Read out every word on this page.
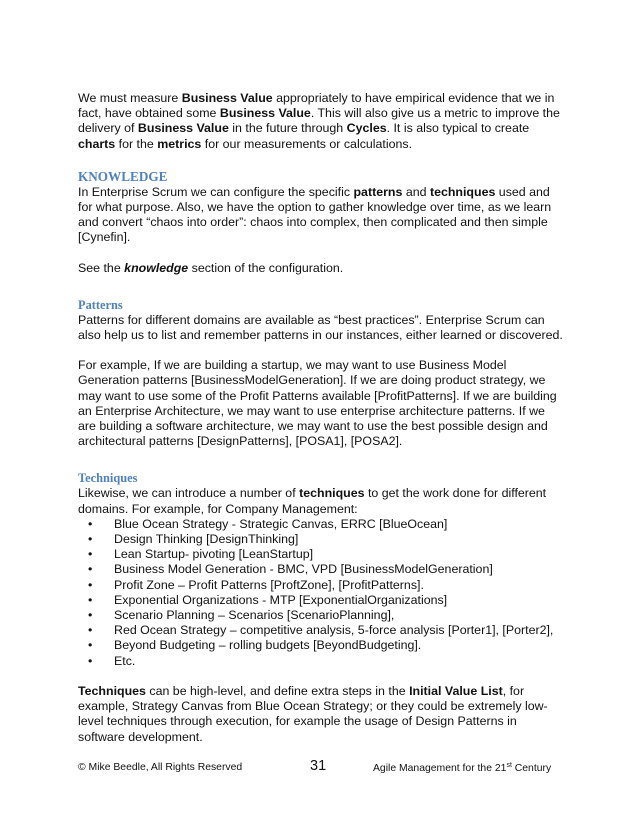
We must measure Business Value appropriately to have empirical evidence that we in fact, have obtained some Business Value. This will also give us a metric to improve the delivery of Business Value in the future through Cycles. It is also typical to create charts for the metrics for our measurements or calculations.

KNOWLEDGE

In Enterprise Scrum we can configure the specific patterns and techniques used and for what purpose. Also, we have the option to gather knowledge over time, as we learn and convert “chaos into order”: chaos into complex, then complicated and then simple [Cynefin].

See the knowledge section of the configuration.

Patterns

Patterns for different domains are available as “best practices”. Enterprise Scrum can also help us to list and remember patterns in our instances, either learned or discovered.

For example, If we are building a startup, we may want to use Business Model Generation patterns [BusinessModelGeneration]. If we are doing product strategy, we may want to use some of the Profit Patterns available [ProfitPatterns]. If we are building an Enterprise Architecture, we may want to use enterprise architecture patterns. If we are building a software architecture, we may want to use the best possible design and architectural patterns [DesignPatterns], [POSA1], [POSA2].

Techniques

Likewise, we can introduce a number of techniques to get the work done for different domains. For example, for Company Management:

• Blue Ocean Strategy - Strategic Canvas, ERRC [BlueOcean]
• Design Thinking [DesignThinking]
• Lean Startup- pivoting [LeanStartup]
• Business Model Generation - BMC, VPD [BusinessModelGeneration]
• Profit Zone – Profit Patterns [ProftZone], [ProfitPatterns].
• Exponential Organizations - MTP [ExponentialOrganizations]
• Scenario Planning – Scenarios [ScenarioPlanning],
• Red Ocean Strategy – competitive analysis, 5-force analysis [Porter1], [Porter2],
• Beyond Budgeting – rolling budgets [BeyondBudgeting].
• Etc.

Techniques can be high-level, and define extra steps in the Initial Value List, for example, Strategy Canvas from Blue Ocean Strategy; or they could be extremely low-level techniques through execution, for example the usage of Design Patterns in software development.

© Mike Beedle, All Rights Reserved	31	Agile Management for the 21st Century
